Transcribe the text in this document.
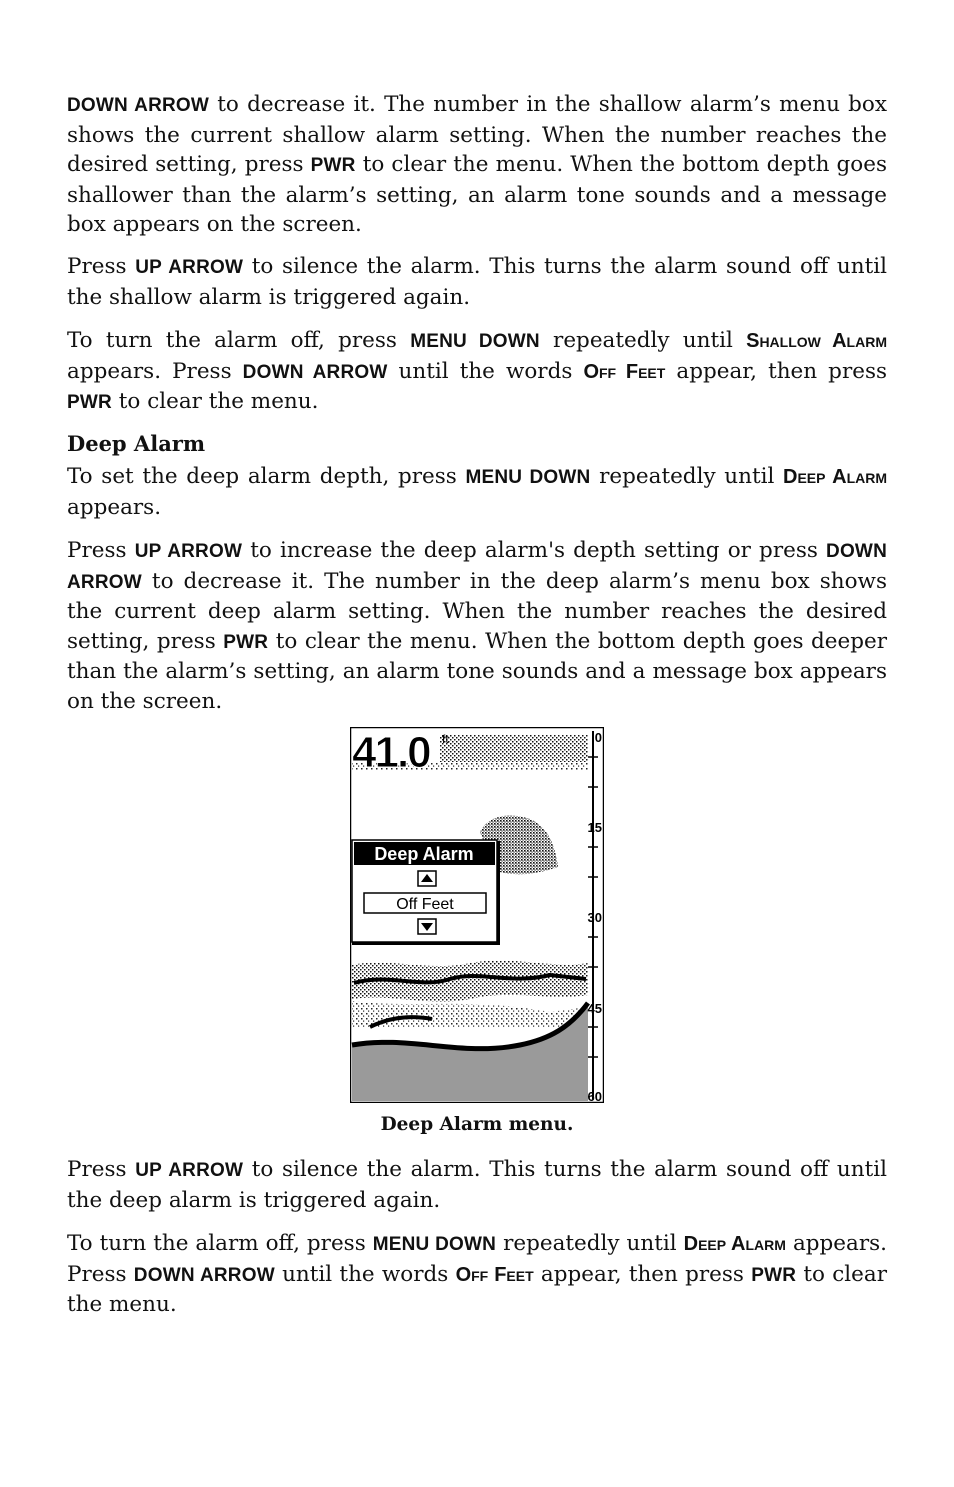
DOWN ARROW to decrease it. The number in the shallow alarm’s menu box shows the current shallow alarm setting. When the number reaches the desired setting, press PWR to clear the menu. When the bottom depth goes shallower than the alarm’s setting, an alarm tone sounds and a message box appears on the screen.

Press UP ARROW to silence the alarm. This turns the alarm sound off until the shallow alarm is triggered again.

To turn the alarm off, press MENU DOWN repeatedly until Shallow Alarm appears. Press DOWN ARROW until the words Off Feet appear, then press PWR to clear the menu.

Deep Alarm

To set the deep alarm depth, press MENU DOWN repeatedly until Deep Alarm appears.

Press UP ARROW to increase the deep alarm's depth setting or press DOWN ARROW to decrease it. The number in the deep alarm’s menu box shows the current deep alarm setting. When the number reaches the desired setting, press PWR to clear the menu. When the bottom depth goes deeper than the alarm’s setting, an alarm tone sounds and a message box appears on the screen.

0
15
30
45
60
41.0 ft
Deep Alarm
Off Feet

Deep Alarm menu.

Press UP ARROW to silence the alarm. This turns the alarm sound off until the deep alarm is triggered again.

To turn the alarm off, press MENU DOWN repeatedly until Deep Alarm appears. Press DOWN ARROW until the words Off Feet appear, then press PWR to clear the menu.
